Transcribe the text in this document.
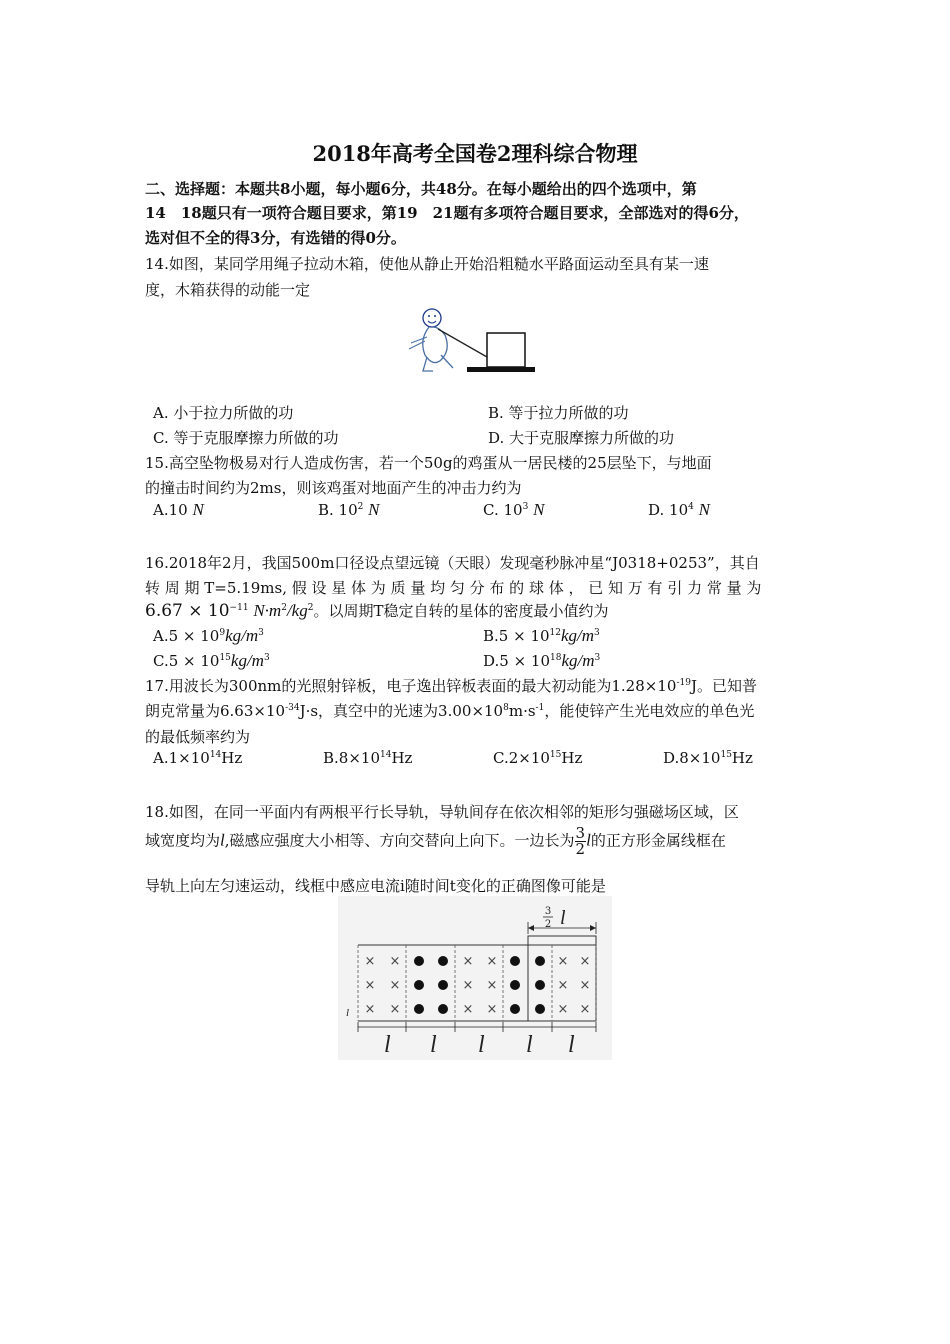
2018年高考全国卷2理科综合物理
二、选择题：本题共8小题，每小题6分，共48分。在每小题给出的四个选项中，第
14　18题只有一项符合题目要求，第19　21题有多项符合题目要求，全部选对的得6分，
选对但不全的得3分，有选错的得0分。
14.如图，某同学用绳子拉动木箱，使他从静止开始沿粗糙水平路面运动至具有某一速
度，木箱获得的动能一定
A. 小于拉力所做的功	B. 等于拉力所做的功
C. 等于克服摩擦力所做的功	D. 大于克服摩擦力所做的功
15.高空坠物极易对行人造成伤害，若一个50g的鸡蛋从一居民楼的25层坠下，与地面
的撞击时间约为2ms，则该鸡蛋对地面产生的冲击力约为
A.10 N	B. $10^2$ N	C. $10^3$ N	D. $10^4$ N
16.2018年2月，我国500m口径设点望远镜（天眼）发现毫秒脉冲星“J0318+0253”，其自
转 周 期 T=5.19ms, 假 设 星 体 为 质 量 均 匀 分 布 的 球 体 ， 已 知 万 有 引 力 常 量 为
$6.67 \times 10^{-11}$ $N\cdot m^2/kg^2$。以周期T稳定自转的星体的密度最小值约为
$A.5 \times 10^9kg/m^3$	$B.5 \times 10^{12}kg/m^3$
$C.5 \times 10^{15}kg/m^3$	$D.5 \times 10^{18}kg/m^3$
17.用波长为300nm的光照射锌板，电子逸出锌板表面的最大初动能为$1.28\times 10^{-19}J$。已知普
朗克常量为$6.63\times 10^{-34}J\cdot s$，真空中的光速为$3.00\times 10^8m\cdot s^{-1}$，能使锌产生光电效应的单色光
的最低频率约为
$A.1\times 10^{14}Hz$	$B.8\times 10^{14}Hz$	$C.2\times 10^{15}Hz$	$D.8\times 10^{15}Hz$
18.如图，在同一平面内有两根平行长导轨，导轨间存在依次相邻的矩形匀强磁场区域，区
域宽度均为l,磁感应强度大小相等、方向交替向上向下。一边长为 $\frac{3}{2}$ l的正方形金属线框在
导轨上向左匀速运动，线框中感应电流i随时间t变化的正确图像可能是
3
2 l
l
l l l l l
× ×
× ×
× ×
× ×
× ×
× ×
× ×
× ×
× ×
